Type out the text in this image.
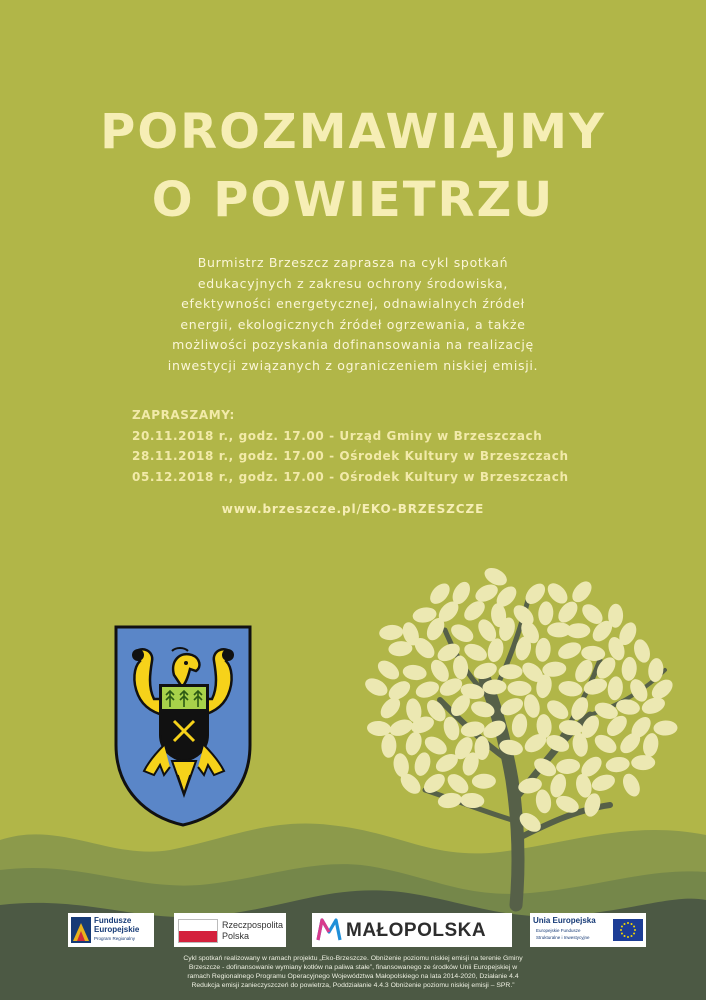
POROZMAWIAJMY
O POWIETRZU
Burmistrz Brzeszcz zaprasza na cykl spotkań
edukacyjnych z zakresu ochrony środowiska,
efektywności energetycznej, odnawialnych źródeł
energii, ekologicznych źródeł ogrzewania, a także
możliwości pozyskania dofinansowania na realizację
inwestycji związanych z ograniczeniem niskiej emisji.
ZAPRASZAMY:
20.11.2018 r., godz. 17.00 - Urząd Gminy w Brzeszczach
28.11.2018 r., godz. 17.00 - Ośrodek Kultury w Brzeszczach
05.12.2018 r., godz. 17.00 - Ośrodek Kultury w Brzeszczach
www.brzeszcze.pl/EKO-BRZESZCZE
Fundusze
Europejskie
Program Regionalny
Rzeczpospolita
Polska	MAŁOPOLSKA	Unia Europejska
Europejskie Fundusze
Strukturalne i Inwestycyjne
Cykl spotkań realizowany w ramach projektu „Eko-Brzeszcze. Obniżenie poziomu niskiej emisji na terenie Gminy
Brzeszcze - dofinansowanie wymiany kotłów na paliwa stałe”, finansowanego ze środków Unii Europejskiej w
ramach Regionalnego Programu Operacyjnego Województwa Małopolskiego na lata 2014-2020, Działanie 4.4
Redukcja emisji zanieczyszczeń do powietrza, Poddziałanie 4.4.3 Obniżenie poziomu niskiej emisji – SPR.”
